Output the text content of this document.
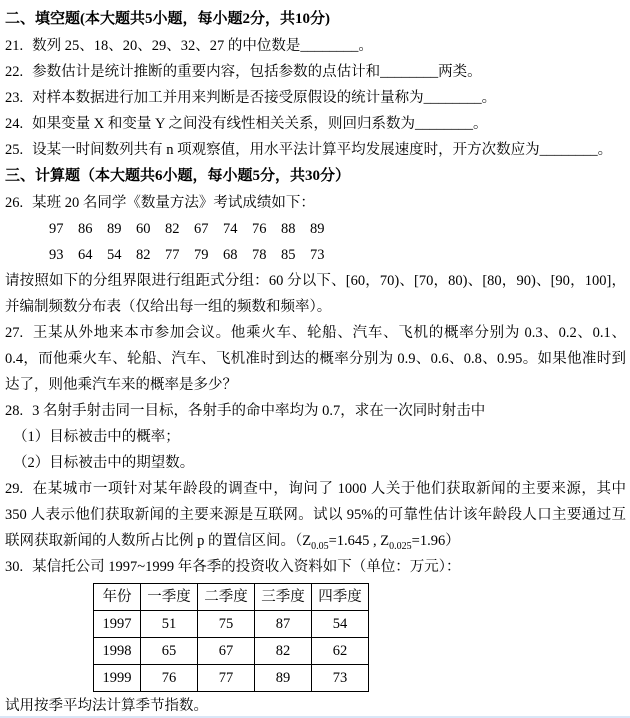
二、填空题(本大题共5小题，每小题2分，共10分)

21. 数列 25、18、20、29、32、27 的中位数是________。

22. 参数估计是统计推断的重要内容，包括参数的点估计和________两类。

23. 对样本数据进行加工并用来判断是否接受原假设的统计量称为________。

24. 如果变量 X 和变量 Y 之间没有线性相关关系，则回归系数为________。

25. 设某一时间数列共有 n 项观察值，用水平法计算平均发展速度时，开方次数应为________。

三、计算题（本大题共6小题，每小题5分，共30分）

26. 某班 20 名同学《数量方法》考试成绩如下：

97    86    89    60    82    67    74    76    88    89

93    64    54    82    77    79    68    78    85    73

请按照如下的分组界限进行组距式分组：60 分以下、[60，70)、[70，80)、[80，90)、[90，100]，并编制频数分布表（仅给出每一组的频数和频率）。

27. 王某从外地来本市参加会议。他乘火车、轮船、汽车、飞机的概率分别为 0.3、0.2、0.1、0.4，而他乘火车、轮船、汽车、飞机准时到达的概率分别为 0.9、0.6、0.8、0.95。如果他准时到达了，则他乘汽车来的概率是多少？

28. 3 名射手射击同一目标，各射手的命中率均为 0.7，求在一次同时射击中

（1）目标被击中的概率；

（2）目标被击中的期望数。

29. 在某城市一项针对某年龄段的调查中，询问了 1000 人关于他们获取新闻的主要来源，其中 350 人表示他们获取新闻的主要来源是互联网。试以 95%的可靠性估计该年龄段人口主要通过互联网获取新闻的人数所占比例 p 的置信区间。（$Z_{0.05}=1.645$ , $Z_{0.025}=1.96$）

30. 某信托公司 1997~1999 年各季的投资收入资料如下（单位：万元）：

年份	一季度	二季度	三季度	四季度
1997	51	75	87	54
1998	65	67	82	62
1999	76	77	89	73

试用按季平均法计算季节指数。
